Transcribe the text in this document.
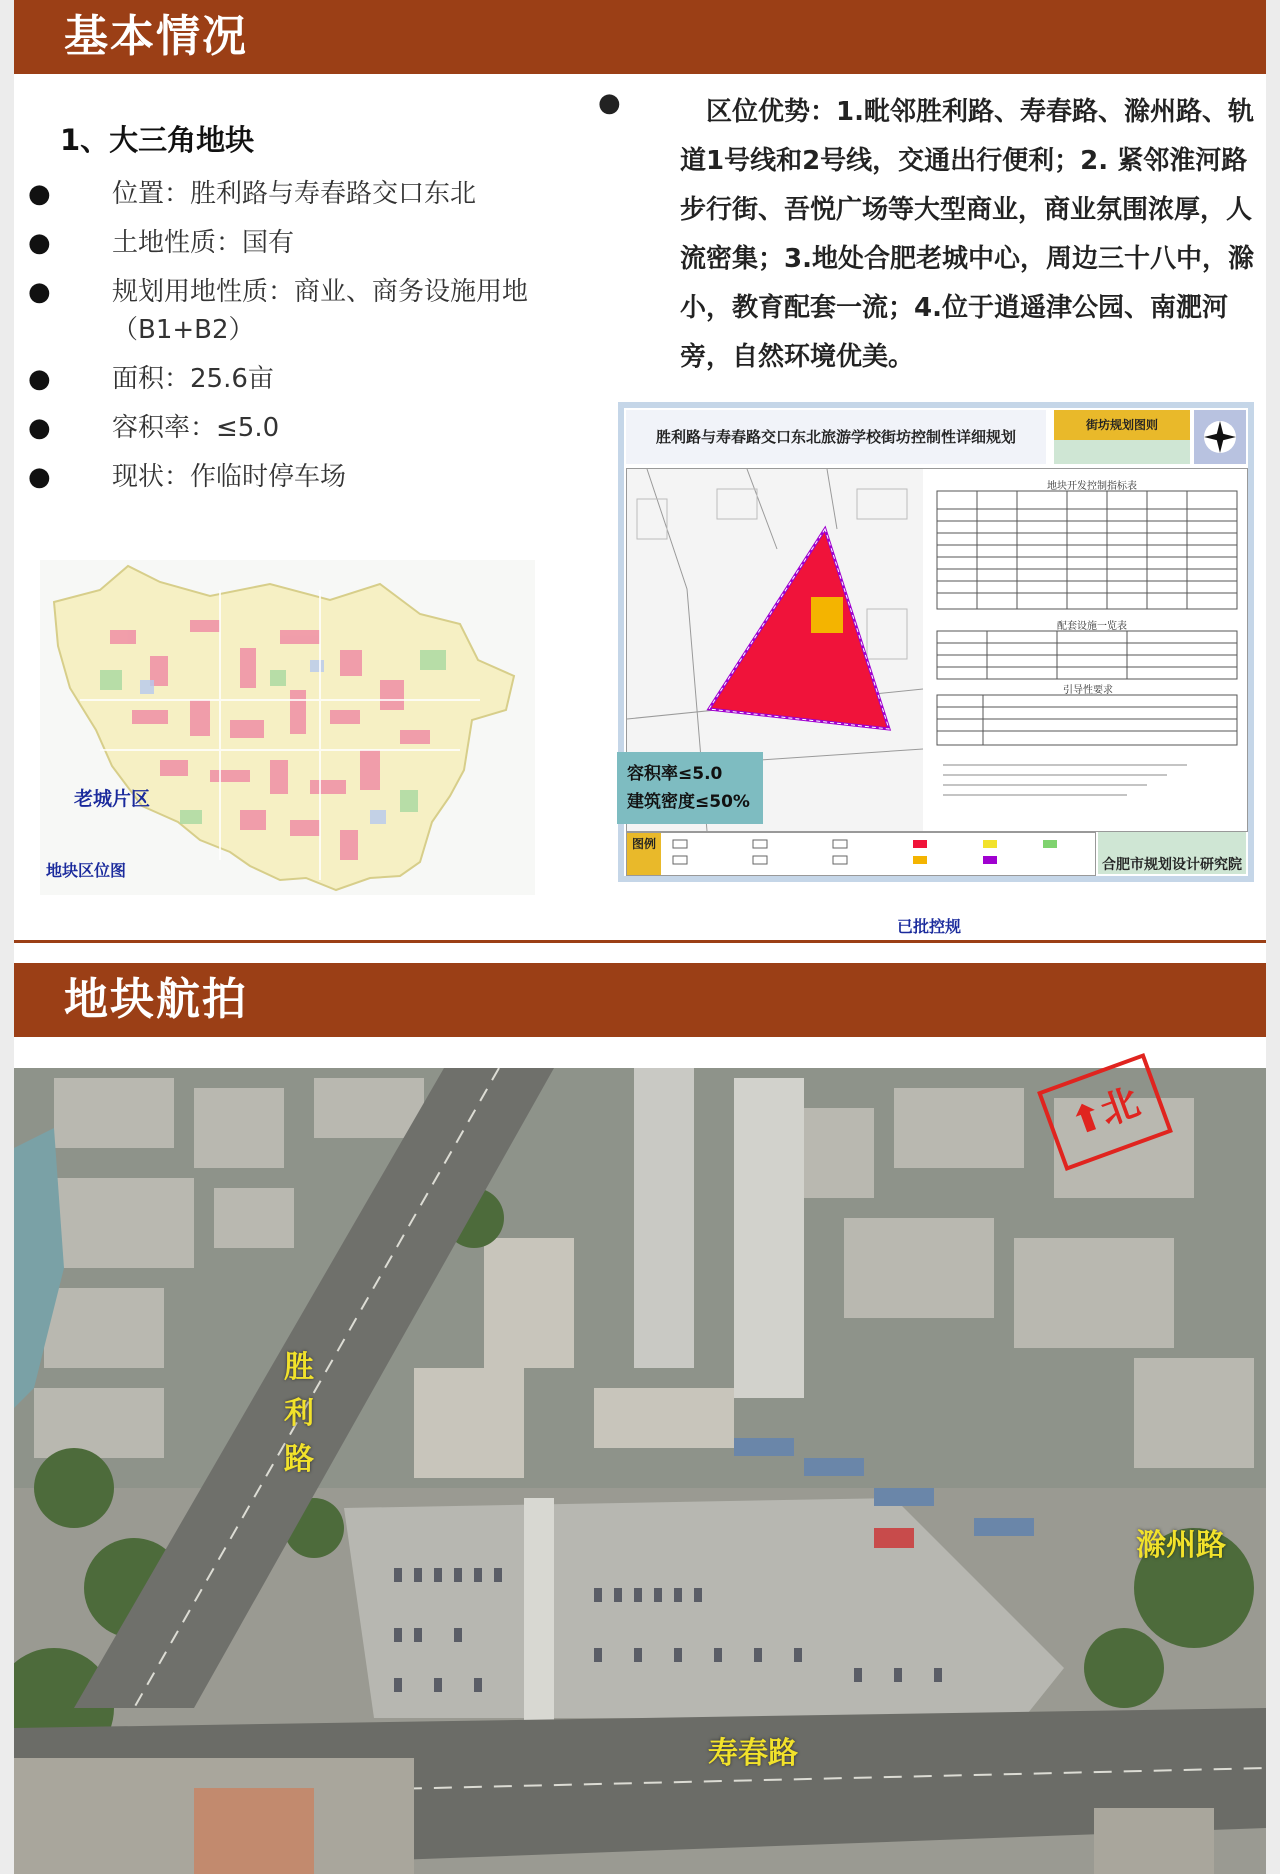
基本情况
1、大三角地块
● 位置：胜利路与寿春路交口东北
● 土地性质：国有
● 规划用地性质：商业、商务设施用地（B1+B2）
● 面积：25.6亩
● 容积率：≤5.0
● 现状：作临时停车场
●	区位优势：1.毗邻胜利路、寿春路、滁州路、轨道1号线和2号线，交通出行便利；2. 紧邻淮河路步行街、吾悦广场等大型商业，商业氛围浓厚，人流密集；3.地处合肥老城中心，周边三十八中，滁小，教育配套一流；4.位于逍遥津公园、南淝河旁，自然环境优美。
老城片区
地块区位图
胜利路与寿春路交口东北旅游学校街坊控制性详细规划
街坊规划图则
地块开发控制指标表
配套设施一览表
引导性要求
图例
合肥市规划设计研究院
容积率≤5.0
建筑密度≤50%
已批控规
地块航拍
胜
利
路
滁州路
寿春路
⬆北
